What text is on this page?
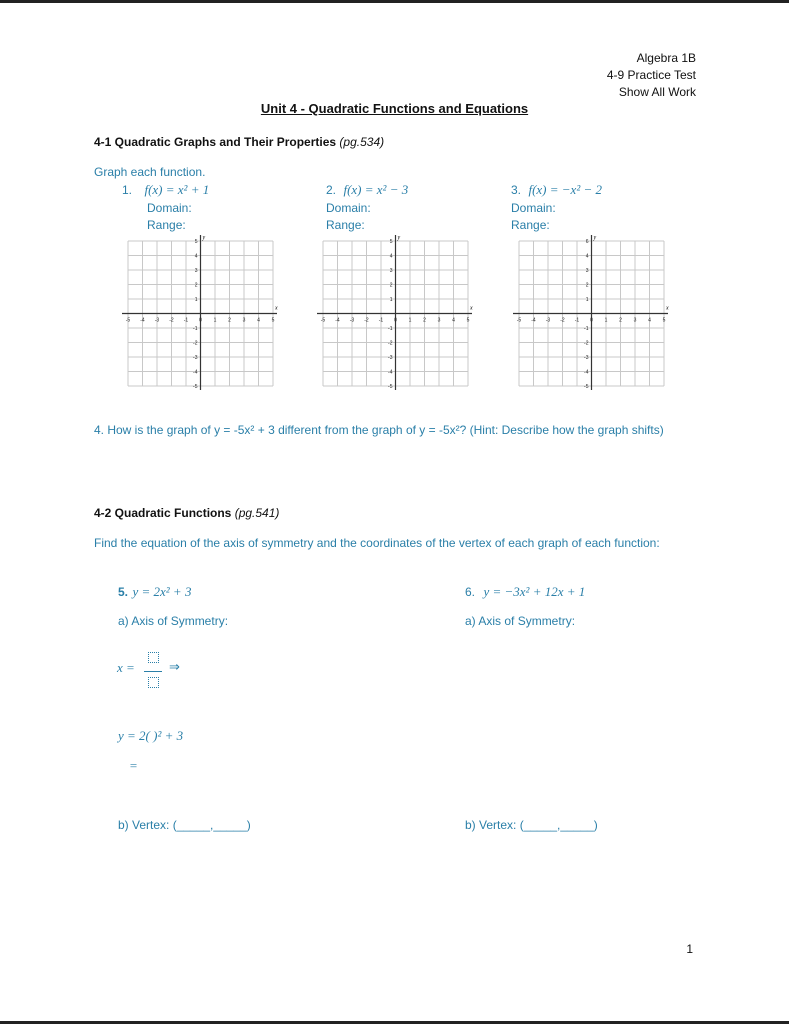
Algebra 1B
4-9 Practice Test
Show All Work
Unit 4 - Quadratic Functions and Equations
4-1 Quadratic Graphs and Their Properties (pg.534)
Graph each function.
1. f(x) = x² + 1
Domain:
Range:
2. f(x) = x² − 3
Domain:
Range:
3. f(x) = −x² − 2
Domain:
Range:
x
y
-5 -4 -3 -2 -1 0 1 2 3 4 5
5
4
3
2
1
-1
-2
-3
-4
-5
x
y
-5 -4 -3 -2 -1 0 1 2 3 4 5
5
4
3
2
1
-1
-2
-3
-4
-5
x
y
-5 -4 -3 -2 -1 0 1 2 3 4 5
6
4
3
2
1
-1
-2
-3
-4
-5
4. How is the graph of y = -5x² + 3 different from the graph of y = -5x²? (Hint: Describe how the graph shifts)
4-2 Quadratic Functions (pg.541)
Find the equation of the axis of symmetry and the coordinates of the vertex of each graph of each function:
5. y = 2x² + 3	6. y = −3x² + 12x + 1
a) Axis of Symmetry:	a) Axis of Symmetry:
x =	⇒
y = 2( )² + 3
=
b) Vertex: (_____,_____)	b) Vertex: (_____,_____)
1
